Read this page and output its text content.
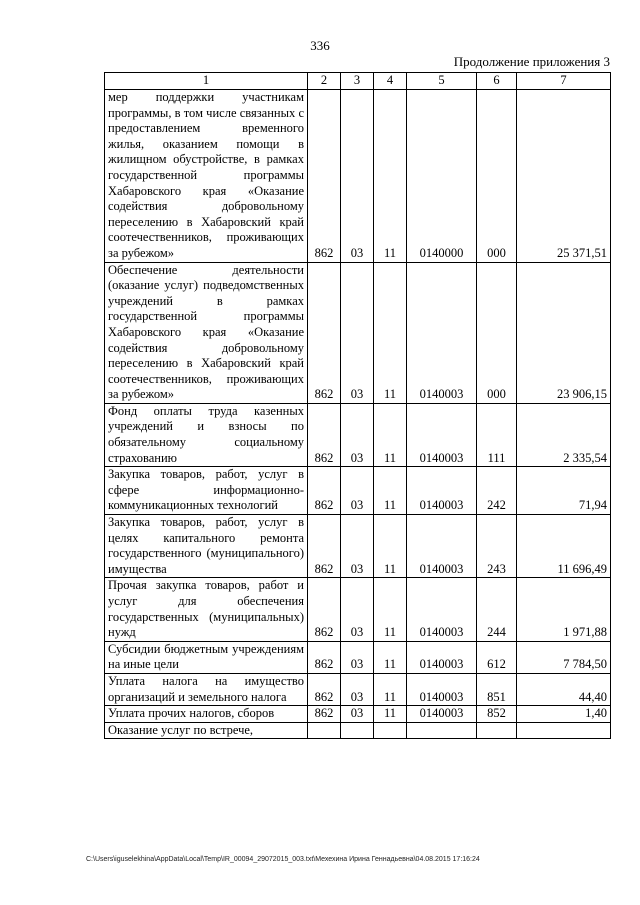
336
Продолжение приложения 3
1	2	3	4	5	6	7
мер поддержки участникам программы, в том числе связанных с предоставлением временного жилья, оказанием помощи в жилищном обустройстве, в рамках государственной программы Хабаровского края «Оказание содействия добровольному переселению в Хабаровский край соотечественников, проживающих за рубежом»	862	03	11	0140000	000	25 371,51
Обеспечение деятельности (оказание услуг) подведомственных учреждений в рамках государственной программы Хабаровского края «Оказание содействия добровольному переселению в Хабаровский край соотечественников, проживающих за рубежом»	862	03	11	0140003	000	23 906,15
Фонд оплаты труда казенных учреждений и взносы по обязательному социальному страхованию	862	03	11	0140003	111	2 335,54
Закупка товаров, работ, услуг в сфере информационно-коммуникационных технологий	862	03	11	0140003	242	71,94
Закупка товаров, работ, услуг в целях капитального ремонта государственного (муниципального) имущества	862	03	11	0140003	243	11 696,49
Прочая закупка товаров, работ и услуг для обеспечения государственных (муниципальных) нужд	862	03	11	0140003	244	1 971,88
Субсидии бюджетным учреждениям на иные цели	862	03	11	0140003	612	7 784,50
Уплата налога на имущество организаций и земельного налога	862	03	11	0140003	851	44,40
Уплата прочих налогов, сборов	862	03	11	0140003	852	1,40
Оказание услуг по встрече,						
C:\Users\iguselekhina\AppData\Local\Temp\IR_00094_29072015_003.txt\Мехехина Ирина Геннадьевна\04.08.2015 17:16:24
